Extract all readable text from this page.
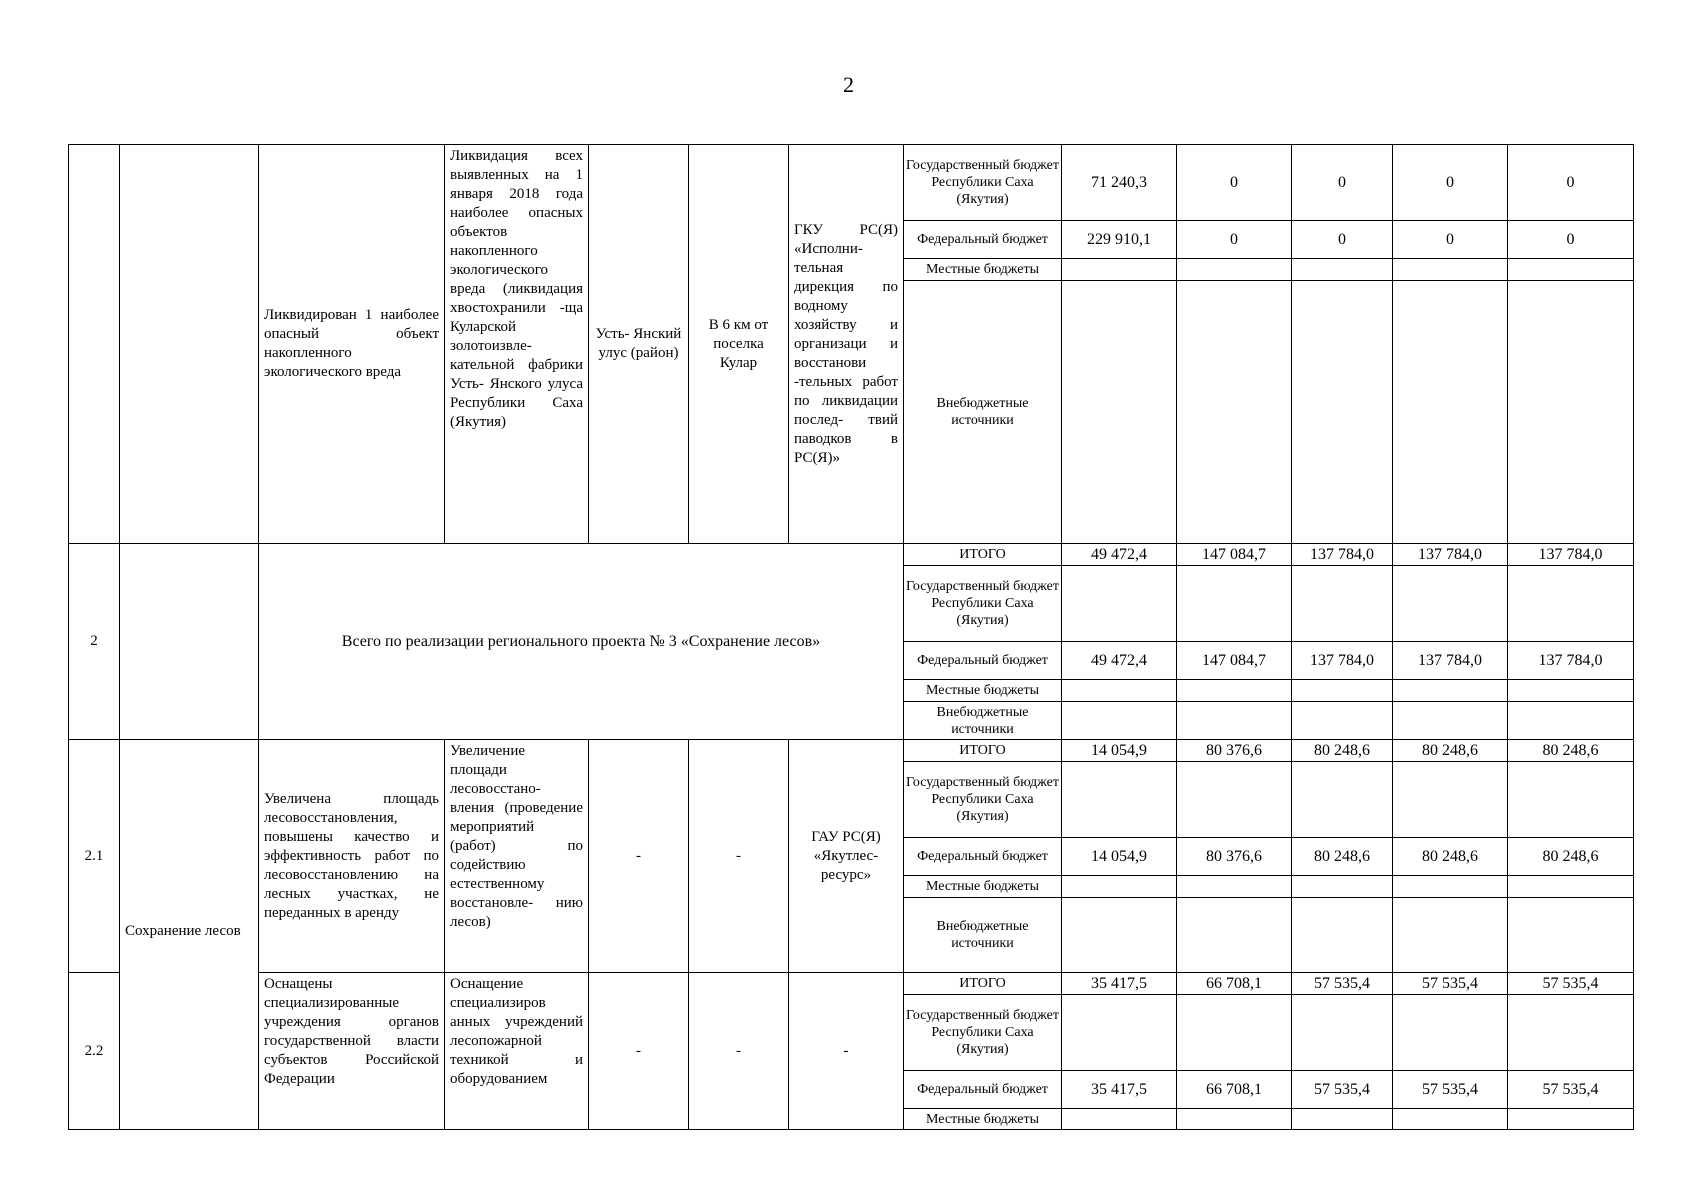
2
		Ликвидирован 1 наиболее опасный объект накопленного экологического вреда	Ликвидация всех выявленных на 1 января 2018 года наиболее опасных объектов накопленного экологического вреда (ликвидация хвостохранили -ща Куларской золотоизвле- кательной фабрики Усть- Янского улуса Республики Саха (Якутия)	Усть- Янский улус (район)	В 6 км от поселка Кулар	ГКУ РС(Я) «Исполни- тельная дирекция по водному хозяйству и организаци и восстанови -тельных работ по ликвидации послед- твий паводков в РС(Я)»	Государственный бюджет Республики Саха (Якутия)	71 240,3	0	0	0	0
							Федеральный бюджет	229 910,1	0	0	0	0
							Местные бюджеты					
							Внебюджетные источники					
2		Всего по реализации регионального проекта № 3 «Сохранение лесов»					ИТОГО	49 472,4	147 084,7	137 784,0	137 784,0	137 784,0
							Государственный бюджет Республики Саха (Якутия)					
							Федеральный бюджет	49 472,4	147 084,7	137 784,0	137 784,0	137 784,0
							Местные бюджеты					
							Внебюджетные источники					
2.1	Сохранение лесов	Увеличена площадь лесовосстановления, повышены качество и эффективность работ по лесовосстановлению на лесных участках, не переданных в аренду	Увеличение площади лесовосстано- вления (проведение мероприятий (работ) по содействию естественному восстановле- нию лесов)	-	-	ГАУ РС(Я) «Якутлес- ресурс»	ИТОГО	14 054,9	80 376,6	80 248,6	80 248,6	80 248,6
							Государственный бюджет Республики Саха (Якутия)					
							Федеральный бюджет	14 054,9	80 376,6	80 248,6	80 248,6	80 248,6
							Местные бюджеты					
							Внебюджетные источники					
2.2		Оснащены специализированные учреждения органов государственной власти субъектов Российской Федерации	Оснащение специализиров анных учреждений лесопожарной техникой и оборудованием	-	-	-	ИТОГО	35 417,5	66 708,1	57 535,4	57 535,4	57 535,4
							Государственный бюджет Республики Саха (Якутия)					
							Федеральный бюджет	35 417,5	66 708,1	57 535,4	57 535,4	57 535,4
							Местные бюджеты					
